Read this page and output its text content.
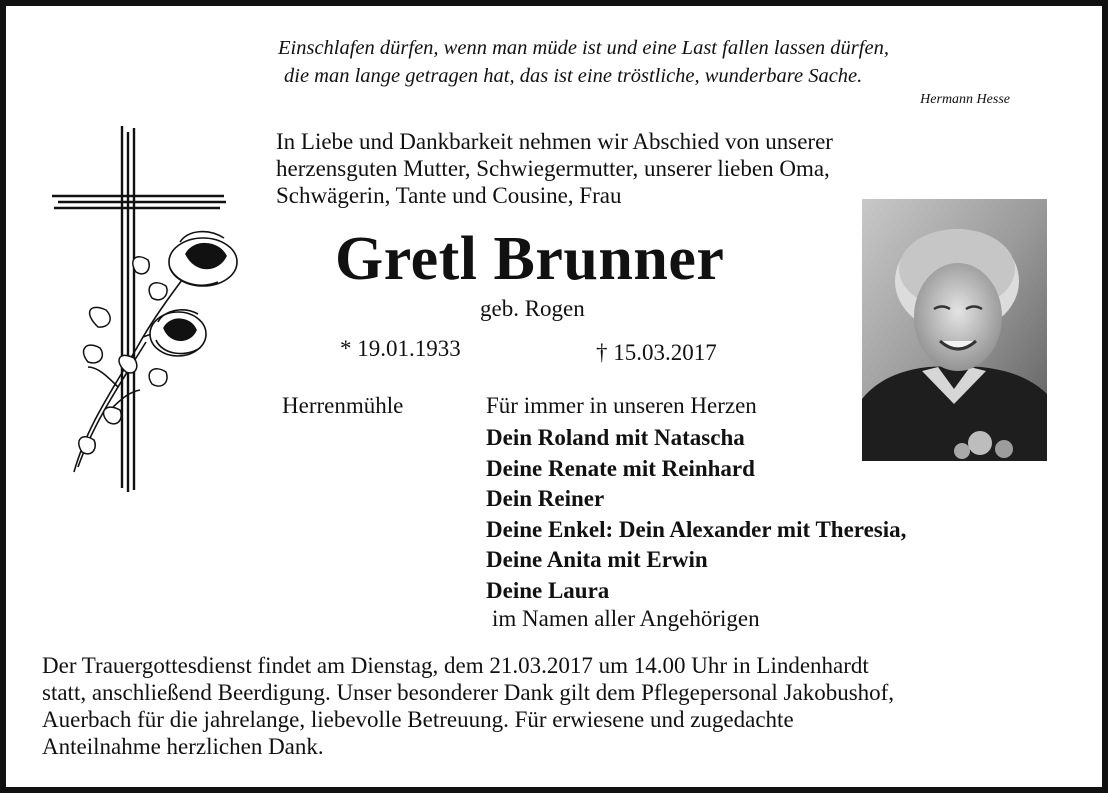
Einschlafen dürfen, wenn man müde ist und eine Last fallen lassen dürfen,
die man lange getragen hat, das ist eine tröstliche, wunderbare Sache.
Hermann Hesse
In Liebe und Dankbarkeit nehmen wir Abschied von unserer
herzensguten Mutter, Schwiegermutter, unserer lieben Oma,
Schwägerin, Tante und Cousine, Frau
Gretl Brunner
geb. Rogen
* 19.01.1933	† 15.03.2017
Herrenmühle	Für immer in unseren Herzen
Dein Roland mit Natascha
Deine Renate mit Reinhard
Dein Reiner
Deine Enkel: Dein Alexander mit Theresia,
Deine Anita mit Erwin
Deine Laura
im Namen aller Angehörigen
Der Trauergottesdienst findet am Dienstag, dem 21.03.2017 um 14.00 Uhr in Lindenhardt
statt, anschließend Beerdigung. Unser besonderer Dank gilt dem Pflegepersonal Jakobushof,
Auerbach für die jahrelange, liebevolle Betreuung. Für erwiesene und zugedachte
Anteilnahme herzlichen Dank.
